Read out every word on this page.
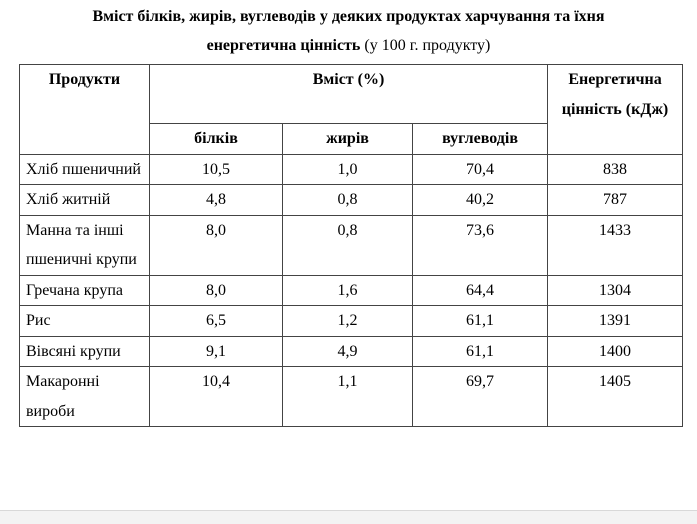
Вміст білків, жирів, вуглеводів у деяких продуктах харчування та їхня
енергетична цінність (у 100 г. продукту)
Продукти	Вміст (%)			Енергетична цінність (кДж)
	білків	жирів	вуглеводів	
Хліб пшеничний	10,5	1,0	70,4	838
Хліб житній	4,8	0,8	40,2	787
Манна та інші пшеничні крупи	8,0	0,8	73,6	1433
Гречана крупа	8,0	1,6	64,4	1304
Рис	6,5	1,2	61,1	1391
Вівсяні крупи	9,1	4,9	61,1	1400
Макаронні вироби	10,4	1,1	69,7	1405
